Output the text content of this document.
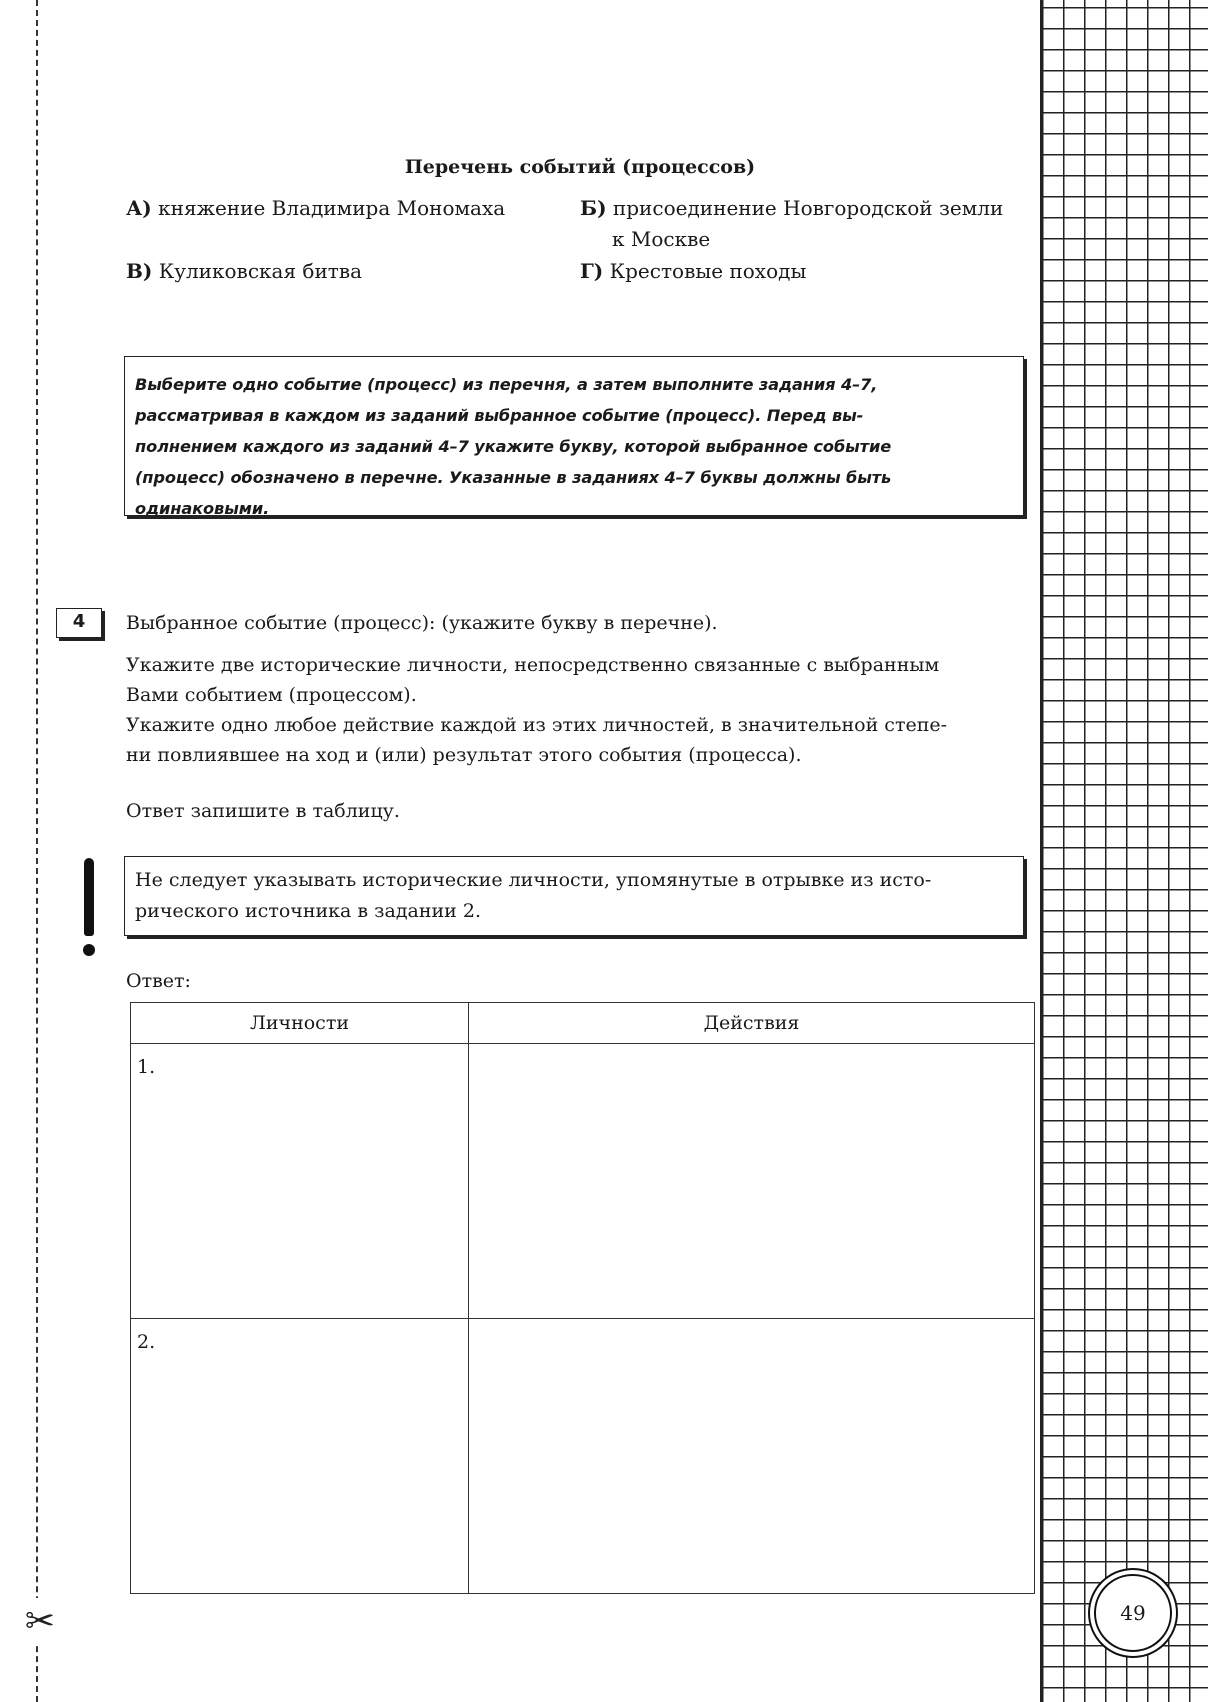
✂	49
Перечень событий (процессов)
А) княжение Владимира Мономаха	Б) присоединение Новгородской земли
к Москве
В) Куликовская битва	Г) Крестовые походы
Выберите одно событие (процесс) из перечня, а затем выполните задания 4–7,
рассматривая в каждом из заданий выбранное событие (процесс). Перед вы-
полнением каждого из заданий 4–7 укажите букву, которой выбранное событие
(процесс) обозначено в перечне. Указанные в заданиях 4–7 буквы должны быть
одинаковыми.
4	Выбранное событие (процесс): (укажите букву в перечне).
Укажите две исторические личности, непосредственно связанные с выбранным
Вами событием (процессом).
Укажите одно любое действие каждой из этих личностей, в значительной степе-
ни повлиявшее на ход и (или) результат этого события (процесса).
Ответ запишите в таблицу.
Не следует указывать исторические личности, упомянутые в отрывке из исто-
рического источника в задании 2.
Ответ:
Личности	Действия
1.	
2.	
